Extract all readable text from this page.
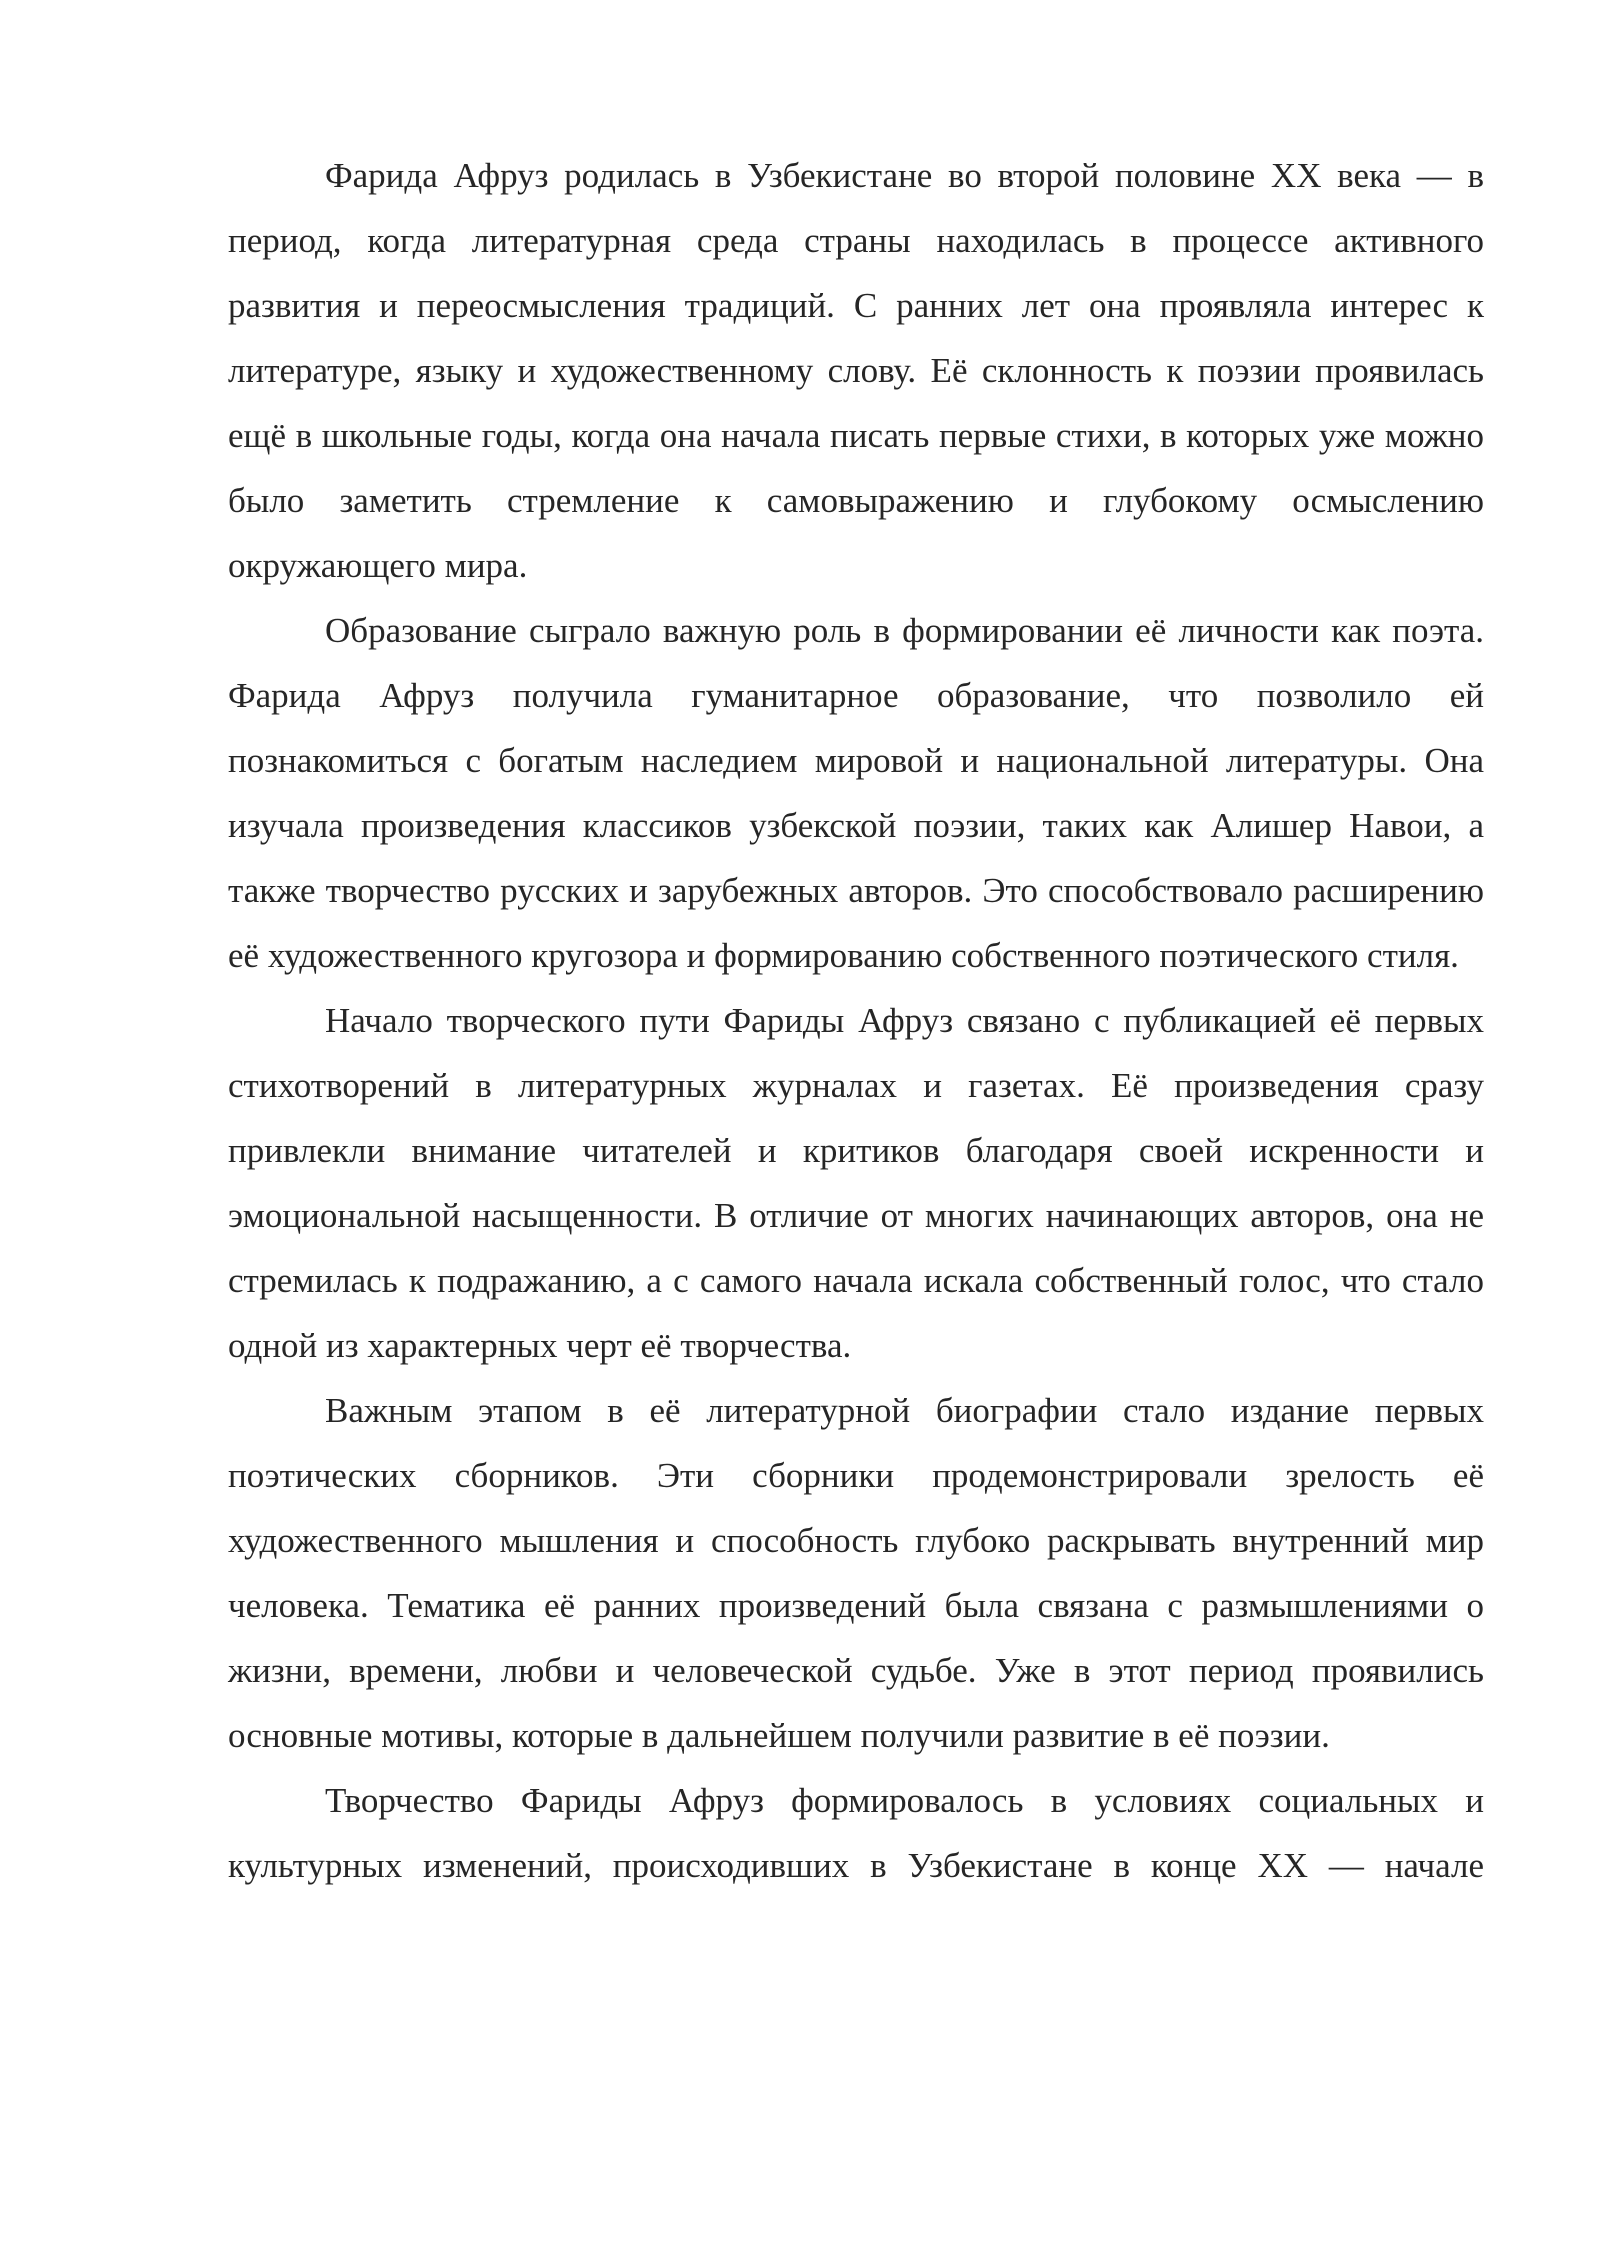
Фарида Афруз родилась в Узбекистане во второй половине XX века — в период, когда литературная среда страны находилась в процессе активного развития и переосмысления традиций. С ранних лет она проявляла интерес к литературе, языку и художественному слову. Её склонность к поэзии проявилась ещё в школьные годы, когда она начала писать первые стихи, в которых уже можно было заметить стремление к самовыражению и глубокому осмыслению окружающего мира.

Образование сыграло важную роль в формировании её личности как поэта. Фарида Афруз получила гуманитарное образование, что позволило ей познакомиться с богатым наследием мировой и национальной литературы. Она изучала произведения классиков узбекской поэзии, таких как Алишер Навои, а также творчество русских и зарубежных авторов. Это способствовало расширению её художественного кругозора и формированию собственного поэтического стиля.

Начало творческого пути Фариды Афруз связано с публикацией её первых стихотворений в литературных журналах и газетах. Её произведения сразу привлекли внимание читателей и критиков благодаря своей искренности и эмоциональной насыщенности. В отличие от многих начинающих авторов, она не стремилась к подражанию, а с самого начала искала собственный голос, что стало одной из характерных черт её творчества.

Важным этапом в её литературной биографии стало издание первых поэтических сборников. Эти сборники продемонстрировали зрелость её художественного мышления и способность глубоко раскрывать внутренний мир человека. Тематика её ранних произведений была связана с размышлениями о жизни, времени, любви и человеческой судьбе. Уже в этот период проявились основные мотивы, которые в дальнейшем получили развитие в её поэзии.

Творчество Фариды Афруз формировалось в условиях социальных и культурных изменений, происходивших в Узбекистане в конце XX — начале
